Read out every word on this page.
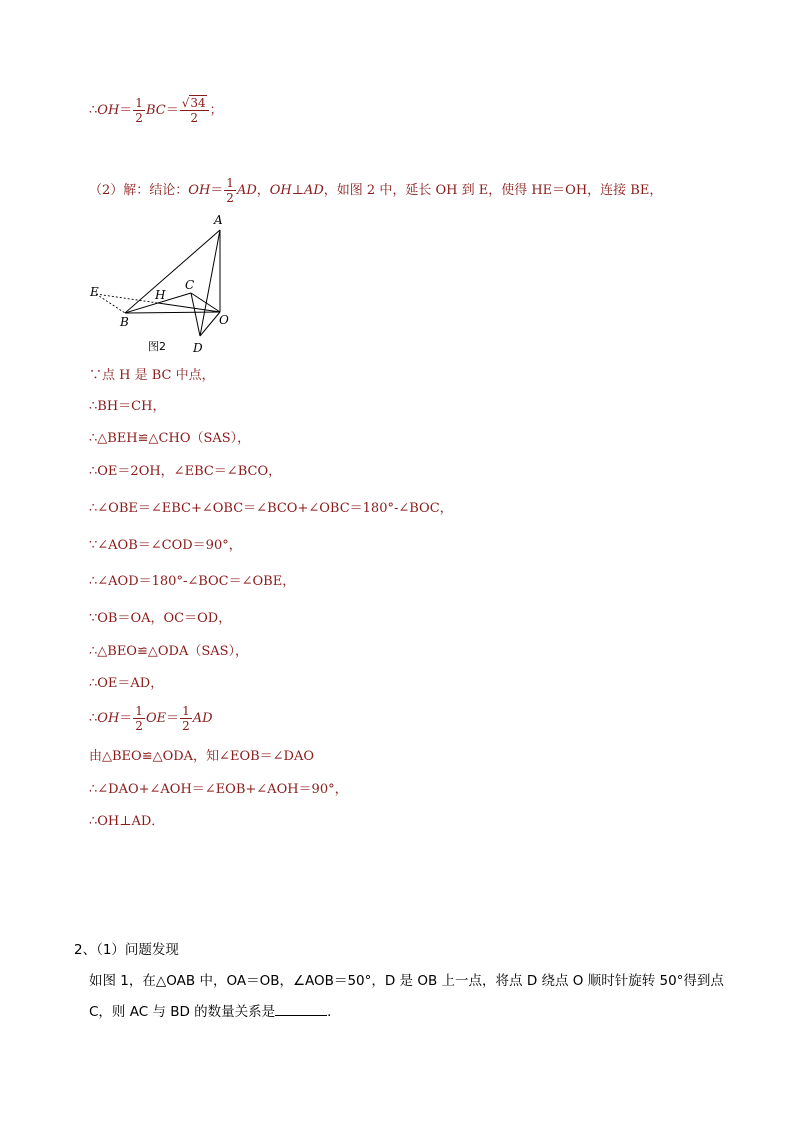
∴OH＝ $\frac{1}{2} BC= \frac{√34}{2}$ ；
（2）解：结论：$OH= \frac{1}{2}$ AD，OH⊥AD，如图 2 中，延长 OH 到 E，使得 HE＝OH，连接 BE，
A
E	H
C
B	O
D
图2
∵点 H 是 BC 中点，
∴BH＝CH，
∴△BEH≌△CHO（SAS），
∴OE＝2OH，∠EBC＝∠BCO，
∴∠OBE＝∠EBC+∠OBC＝∠BCO+∠OBC＝180°-∠BOC，
∵∠AOB＝∠COD＝90°，
∴∠AOD＝180°-∠BOC＝∠OBE，
∵OB＝OA，OC＝OD，
∴△BEO≌△ODA（SAS），
∴OE＝AD，
∴OH＝ $\frac{1}{2} OE= \frac{1}{2}$ AD
由△BEO≌△ODA，知∠EOB＝∠DAO
∴∠DAO+∠AOH＝∠EOB+∠AOH＝90°，
∴OH⊥AD．
2、（1）问题发现
如图 1，在△OAB 中，OA＝OB，∠AOB＝50°，D 是 OB 上一点，将点 D 绕点 O 顺时针旋转 50°得到点
C，则 AC 与 BD 的数量关系是	．
